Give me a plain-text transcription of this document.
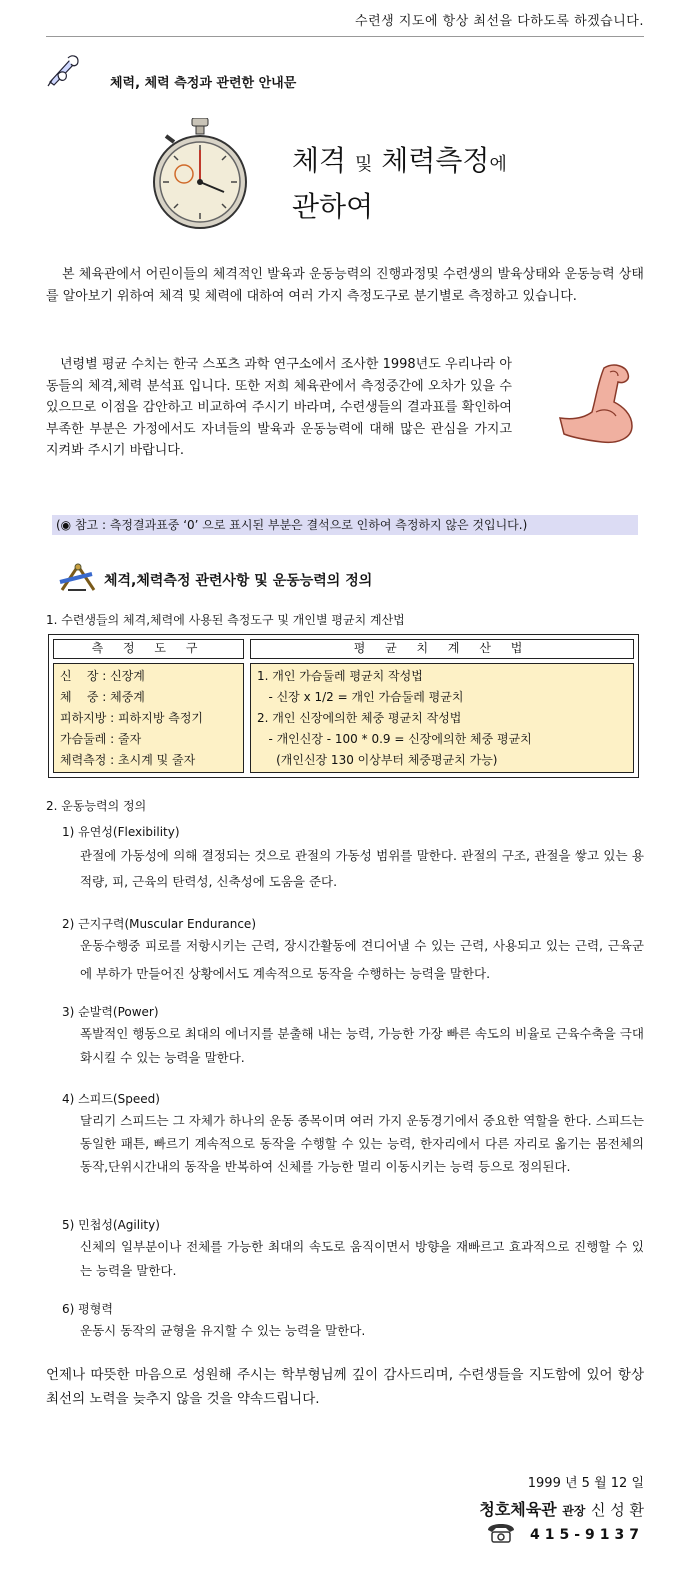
수련생 지도에 항상 최선을 다하도록 하겠습니다.
체력, 체력 측정과 관련한 안내문
체격 및 체력측정에
관하여
본 체육관에서 어린이들의 체격적인 발육과 운동능력의 진행과정및 수련생의 발육상태와 운동능력 상태를 알아보기 위하여 체격 및 체력에 대하여 여러 가지 측정도구로 분기별로 측정하고 있습니다.
년령별 평균 수치는 한국 스포츠 과학 연구소에서 조사한 1998년도 우리나라 아동들의 체격,체력 분석표 입니다. 또한 저희 체육관에서 측정중간에 오차가 있을 수 있으므로 이점을 감안하고 비교하여 주시기 바라며, 수련생들의 결과표를 확인하여 부족한 부분은 가정에서도 자녀들의 발육과 운동능력에 대해 많은 관심을 가지고 지켜봐 주시기 바랍니다.
(◉ 참고 : 측정결과표중 ‘0’ 으로 표시된 부분은 결석으로 인하여 측정하지 않은 것입니다.)
체격,체력측정 관련사항 및 운동능력의 정의
1. 수련생들의 체격,체력에 사용된 측정도구 및 개인별 평균치 계산법
측 정 도 구	평 균 치 계 산 법
신    장 : 신장계
체    중 : 체중계
피하지방 : 피하지방 측정기
가슴둘레 : 줄자
체력측정 : 초시계 및 줄자
1. 개인 가슴둘레 평균치 작성법
- 신장 x 1/2 = 개인 가슴둘레 평균치
2. 개인 신장에의한 체중 평균치 작성법
- 개인신장 - 100 * 0.9 = 신장에의한 체중 평균치
(개인신장 130 이상부터 체중평균치 가능)
2. 운동능력의 정의
1) 유연성(Flexibility)
관절에 가동성에 의해 결정되는 것으로 관절의 가동성 범위를 말한다. 관절의 구조, 관절을 쌓고 있는 용적량, 피, 근육의 탄력성, 신축성에 도움을 준다.
2) 근지구력(Muscular Endurance)
운동수행중 피로를 저항시키는 근력, 장시간활동에 견디어낼 수 있는 근력, 사용되고 있는 근력, 근육군에 부하가 만들어진 상황에서도 계속적으로 동작을 수행하는 능력을 말한다.
3) 순발력(Power)
폭발적인 행동으로 최대의 에너지를 분출해 내는 능력, 가능한 가장 빠른 속도의 비율로 근육수축을 극대화시킬 수 있는 능력을 말한다.
4) 스피드(Speed)
달리기 스피드는 그 자체가 하나의 운동 종목이며 여러 가지 운동경기에서 중요한 역할을 한다. 스피드는 동일한 패튼, 빠르기 계속적으로 동작을 수행할 수 있는 능력, 한자리에서 다른 자리로 옮기는 몸전체의 동작,단위시간내의 동작을 반복하여 신체를 가능한 멀리 이동시키는 능력 등으로 정의된다.
5) 민첩성(Agility)
신체의 일부분이나 전체를 가능한 최대의 속도로 움직이면서 방향을 재빠르고 효과적으로 진행할 수 있는 능력을 말한다.
6) 평형력
운동시 동작의 균형을 유지할 수 있는 능력을 말한다.
언제나 따뜻한 마음으로 성원해 주시는 학부형님께 깊이 감사드리며, 수련생들을 지도함에 있어 항상 최선의 노력을 늦추지 않을 것을 약속드립니다.
1999 년 5 월 12 일
청호체육관 관장 신 성 환
415-9137
